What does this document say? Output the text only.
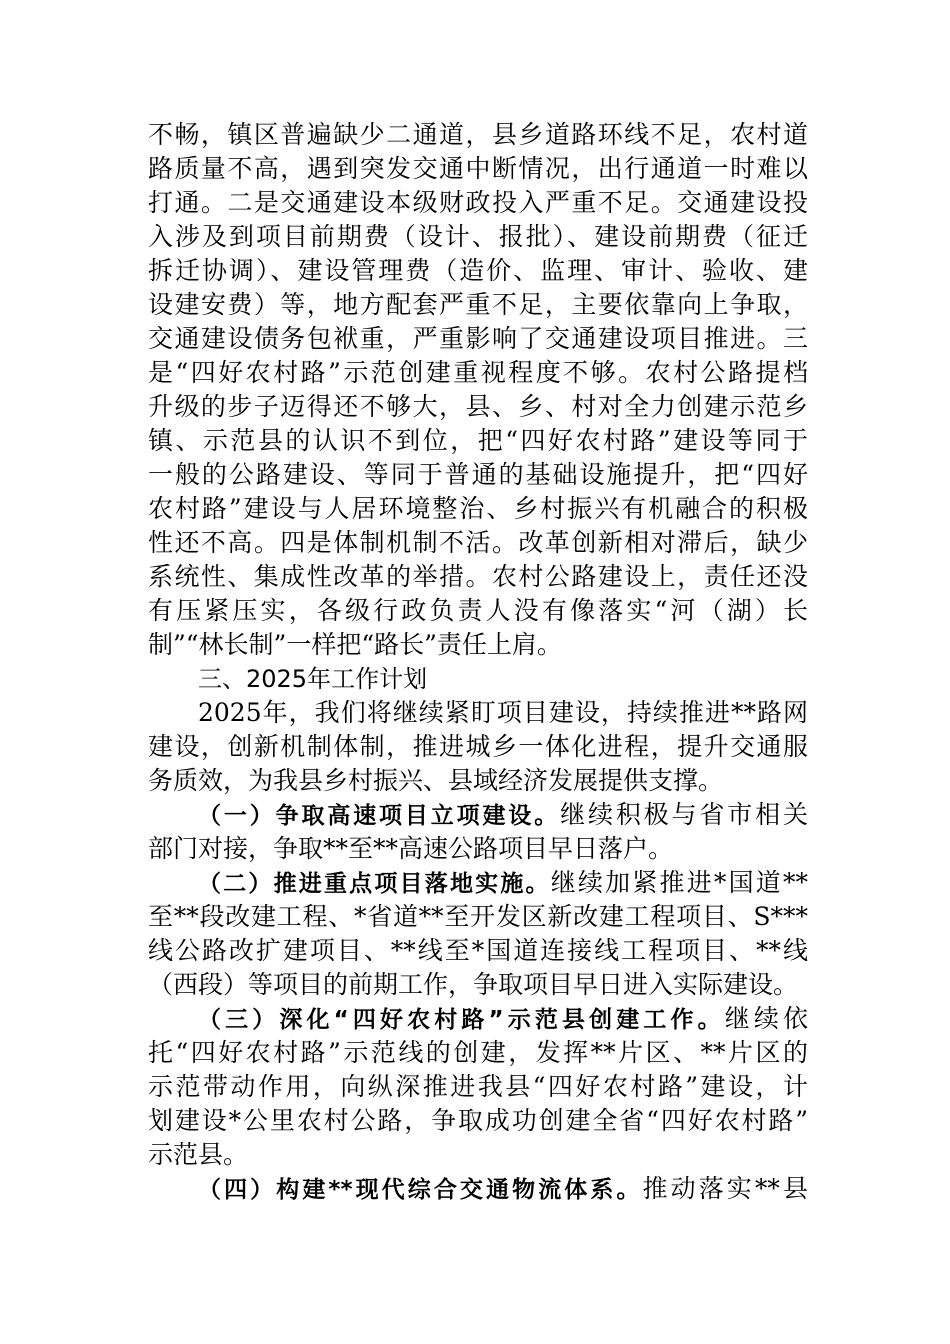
不畅，镇区普遍缺少二通道，县乡道路环线不足，农村道
路质量不高，遇到突发交通中断情况，出行通道一时难以
打通。二是交通建设本级财政投入严重不足。交通建设投
入涉及到项目前期费（设计、报批）、建设前期费（征迁
拆迁协调）、建设管理费（造价、监理、审计、验收、建
设建安费）等，地方配套严重不足，主要依靠向上争取，
交通建设债务包袱重，严重影响了交通建设项目推进。三
是“四好农村路”示范创建重视程度不够。农村公路提档
升级的步子迈得还不够大，县、乡、村对全力创建示范乡
镇、示范县的认识不到位，把“四好农村路”建设等同于
一般的公路建设、等同于普通的基础设施提升，把“四好
农村路”建设与人居环境整治、乡村振兴有机融合的积极
性还不高。四是体制机制不活。改革创新相对滞后，缺少
系统性、集成性改革的举措。农村公路建设上，责任还没
有压紧压实，各级行政负责人没有像落实“河（湖）长
制”“林长制”一样把“路长”责任上肩。
三、2025年工作计划
2025年，我们将继续紧盯项目建设，持续推进**路网
建设，创新机制体制，推进城乡一体化进程，提升交通服
务质效，为我县乡村振兴、县域经济发展提供支撑。
（一）争取高速项目立项建设。继续积极与省市相关
部门对接，争取**至**高速公路项目早日落户。
（二）推进重点项目落地实施。继续加紧推进*国道**
至**段改建工程、*省道**至开发区新改建工程项目、S***
线公路改扩建项目、**线至*国道连接线工程项目、**线
（西段）等项目的前期工作，争取项目早日进入实际建设。
（三）深化“四好农村路”示范县创建工作。继续依
托“四好农村路”示范线的创建，发挥**片区、**片区的
示范带动作用，向纵深推进我县“四好农村路”建设，计
划建设*公里农村公路，争取成功创建全省“四好农村路”
示范县。
（四）构建**现代综合交通物流体系。推动落实**县
